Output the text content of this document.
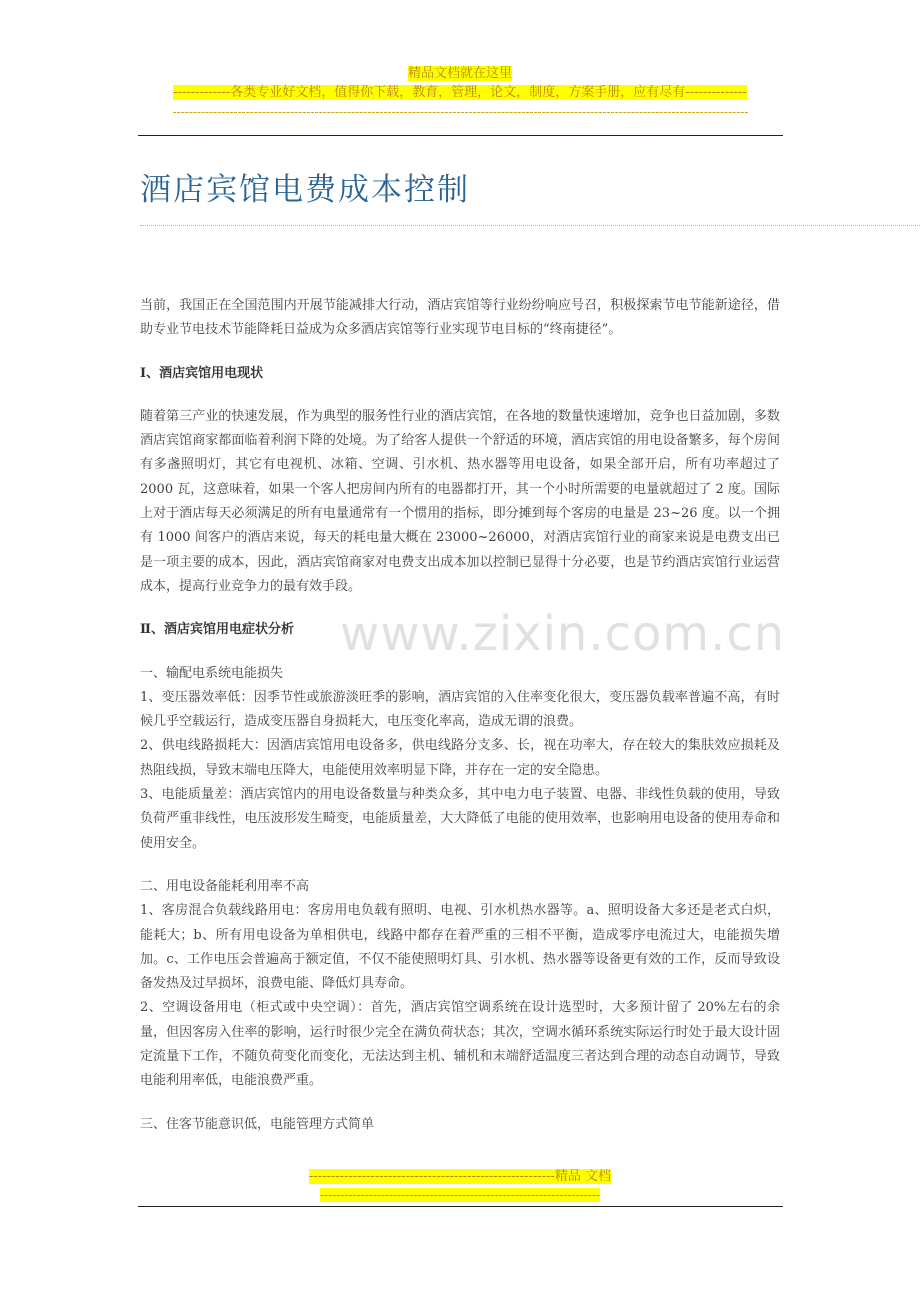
精品文档就在这里
-------------各类专业好文档，值得你下载，教育，管理，论文，制度，方案手册，应有尽有--------------
----------------------------------------------------------------------------------------------------------------------------------------------
酒店宾馆电费成本控制
www.zixin.com.cn

当前，我国正在全国范围内开展节能减排大行动，酒店宾馆等行业纷纷响应号召，积极探索节电节能新途径，借助专业节电技术节能降耗日益成为众多酒店宾馆等行业实现节电目标的“终南捷径”。

Ⅰ、酒店宾馆用电现状

随着第三产业的快速发展，作为典型的服务性行业的酒店宾馆，在各地的数量快速增加，竞争也日益加剧，多数酒店宾馆商家都面临着利润下降的处境。为了给客人提供一个舒适的环境，酒店宾馆的用电设备繁多，每个房间有多盏照明灯，其它有电视机、冰箱、空调、引水机、热水器等用电设备，如果全部开启，所有功率超过了 2000 瓦，这意味着，如果一个客人把房间内所有的电器都打开，其一个小时所需要的电量就超过了 2 度。国际上对于酒店每天必须满足的所有电量通常有一个惯用的指标，即分摊到每个客房的电量是 23~26 度。以一个拥有 1000 间客户的酒店来说，每天的耗电量大概在 23000~26000，对酒店宾馆行业的商家来说是电费支出已是一项主要的成本，因此，酒店宾馆商家对电费支出成本加以控制已显得十分必要，也是节约酒店宾馆行业运营成本，提高行业竞争力的最有效手段。

Ⅱ、酒店宾馆用电症状分析

一、输配电系统电能损失

1、变压器效率低：因季节性或旅游淡旺季的影响，酒店宾馆的入住率变化很大，变压器负载率普遍不高，有时候几乎空载运行，造成变压器自身损耗大，电压变化率高，造成无谓的浪费。

2、供电线路损耗大：因酒店宾馆用电设备多，供电线路分支多、长，视在功率大，存在较大的集肤效应损耗及热阻线损，导致末端电压降大，电能使用效率明显下降，并存在一定的安全隐患。

3、电能质量差：酒店宾馆内的用电设备数量与种类众多，其中电力电子装置、电器、非线性负载的使用，导致负荷严重非线性，电压波形发生畸变，电能质量差，大大降低了电能的使用效率，也影响用电设备的使用寿命和使用安全。

二、用电设备能耗利用率不高

1、客房混合负载线路用电：客房用电负载有照明、电视、引水机热水器等。a、照明设备大多还是老式白炽，能耗大；b、所有用电设备为单相供电，线路中都存在着严重的三相不平衡，造成零序电流过大，电能损失增加。c、工作电压会普遍高于额定值，不仅不能使照明灯具、引水机、热水器等设备更有效的工作，反而导致设备发热及过早损坏，浪费电能、降低灯具寿命。

2、空调设备用电（柜式或中央空调）：首先，酒店宾馆空调系统在设计选型时，大多预计留了 20%左右的余量，但因客房入住率的影响，运行时很少完全在满负荷状态；其次，空调水循环系统实际运行时处于最大设计固定流量下工作，不随负荷变化而变化，无法达到主机、辅机和末端舒适温度三者达到合理的动态自动调节，导致电能利用率低，电能浪费严重。

三、住客节能意识低，电能管理方式简单

--------------------------------------------------------精品 文档
---------------------------------------------------------------------
